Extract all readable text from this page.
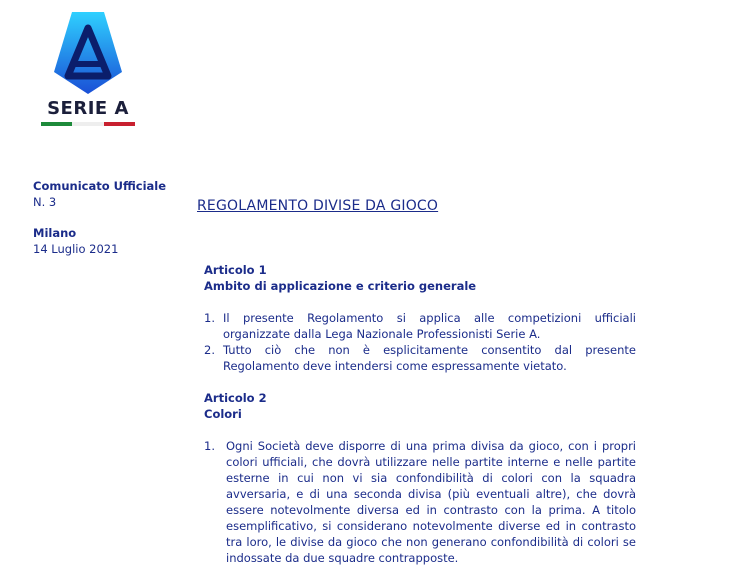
SERIE A
Comunicato Ufficiale
N. 3
Milano
14 Luglio 2021
REGOLAMENTO DIVISE DA GIOCO
Articolo 1
Ambito di applicazione e criterio generale
1. Il presente Regolamento si applica alle competizioni ufficiali organizzate dalla Lega Nazionale Professionisti Serie A.
2. Tutto ciò che non è esplicitamente consentito dal presente Regolamento deve intendersi come espressamente vietato.
Articolo 2
Colori
1. Ogni Società deve disporre di una prima divisa da gioco, con i propri colori ufficiali, che dovrà utilizzare nelle partite interne e nelle partite esterne in cui non vi sia confondibilità di colori con la squadra avversaria, e di una seconda divisa (più eventuali altre), che dovrà essere notevolmente diversa ed in contrasto con la prima. A titolo esemplificativo, si considerano notevolmente diverse ed in contrasto tra loro, le divise da gioco che non generano confondibilità di colori se indossate da due squadre contrapposte.
